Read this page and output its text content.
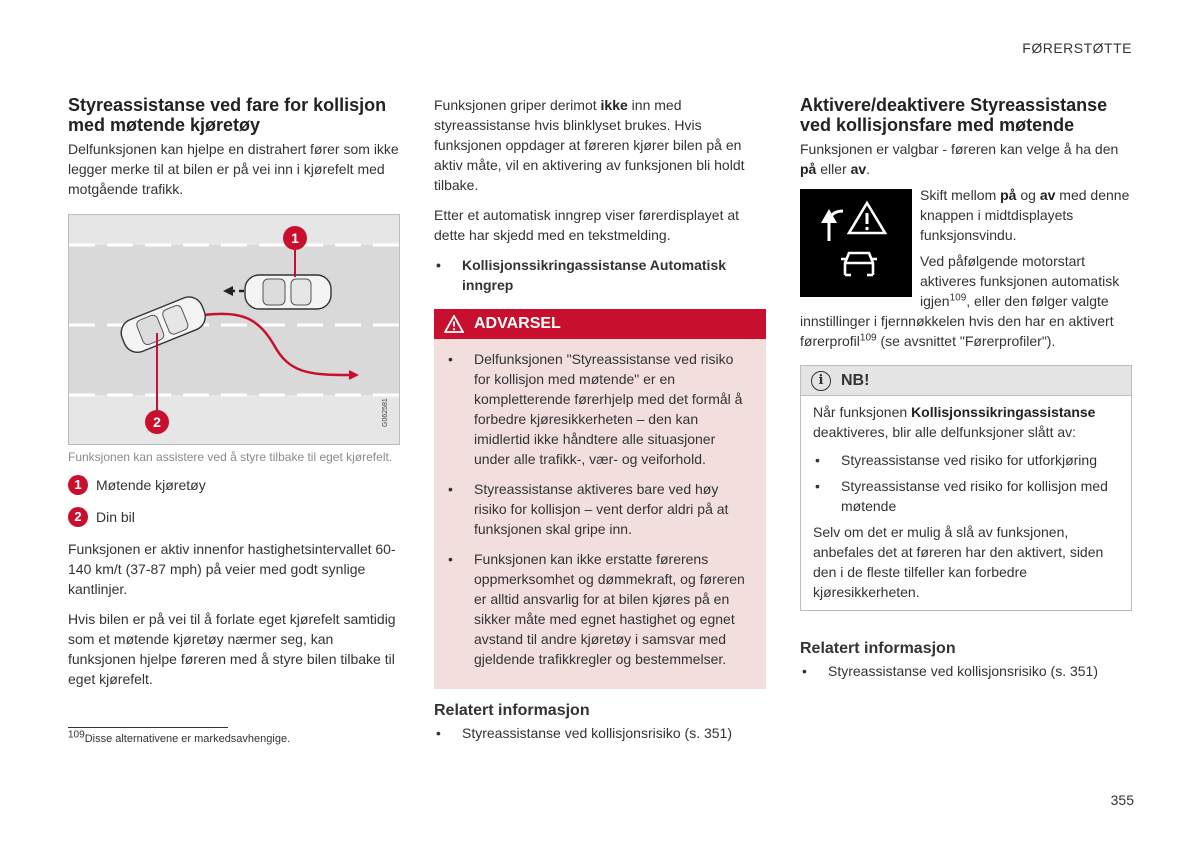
FØRERSTØTTE
Styreassistanse ved fare for kollisjon med møtende kjøretøy

Delfunksjonen kan hjelpe en distrahert fører som ikke legger merke til at bilen er på vei inn i kjørefelt med motgående trafikk.

1
2	G062581
Funksjonen kan assistere ved å styre tilbake til eget kjørefelt.
1	Møtende kjøretøy
2	Din bil

Funksjonen er aktiv innenfor hastighetsintervallet 60-140 km/t (37-87 mph) på veier med godt synlige kantlinjer.

Hvis bilen er på vei til å forlate eget kjørefelt samtidig som et møtende kjøretøy nærmer seg, kan funksjonen hjelpe føreren med å styre bilen tilbake til eget kjørefelt.

Funksjonen griper derimot ikke inn med styreassistanse hvis blinklyset brukes. Hvis funksjonen oppdager at føreren kjører bilen på en aktiv måte, vil en aktivering av funksjonen bli holdt tilbake.

Etter et automatisk inngrep viser førerdisplayet at dette har skjedd med en tekstmelding.

• Kollisjonssikringassistanse Automatisk inngrep
ADVARSEL
• Delfunksjonen "Styreassistanse ved risiko for kollisjon med møtende" er en kompletterende førerhjelp med det formål å forbedre kjøresikkerheten – den kan imidlertid ikke håndtere alle situasjoner under alle trafikk-, vær- og veiforhold.
• Styreassistanse aktiveres bare ved høy risiko for kollisjon – vent derfor aldri på at funksjonen skal gripe inn.
• Funksjonen kan ikke erstatte førerens oppmerksomhet og dømmekraft, og føreren er alltid ansvarlig for at bilen kjøres på en sikker måte med egnet hastighet og egnet avstand til andre kjøretøy i samsvar med gjeldende trafikkregler og bestemmelser.
Relatert informasjon
• Styreassistanse ved kollisjonsrisiko (s. 351)
Aktivere/deaktivere Styreassistanse ved kollisjonsfare med møtende

Funksjonen er valgbar - føreren kan velge å ha den på eller av.

Skift mellom på og av med denne knappen i midtdisplayets funksjonsvindu.

Ved påfølgende motorstart aktiveres funksjonen automatisk igjen$^{109}$, eller den følger valgte innstillinger i fjernnøkkelen hvis den har en aktivert førerprofil$^{109}$ (se avsnittet "Førerprofiler").

i	NB!

Når funksjonen Kollisjonssikringassistanse deaktiveres, blir alle delfunksjoner slått av:

• Styreassistanse ved risiko for utforkjøring
• Styreassistanse ved risiko for kollisjon med møtende

Selv om det er mulig å slå av funksjonen, anbefales det at føreren har den aktivert, siden den i de fleste tilfeller kan forbedre kjøresikkerheten.

Relatert informasjon
• Styreassistanse ved kollisjonsrisiko (s. 351)
$^{109}$Disse alternativene er markedsavhengige.
355
